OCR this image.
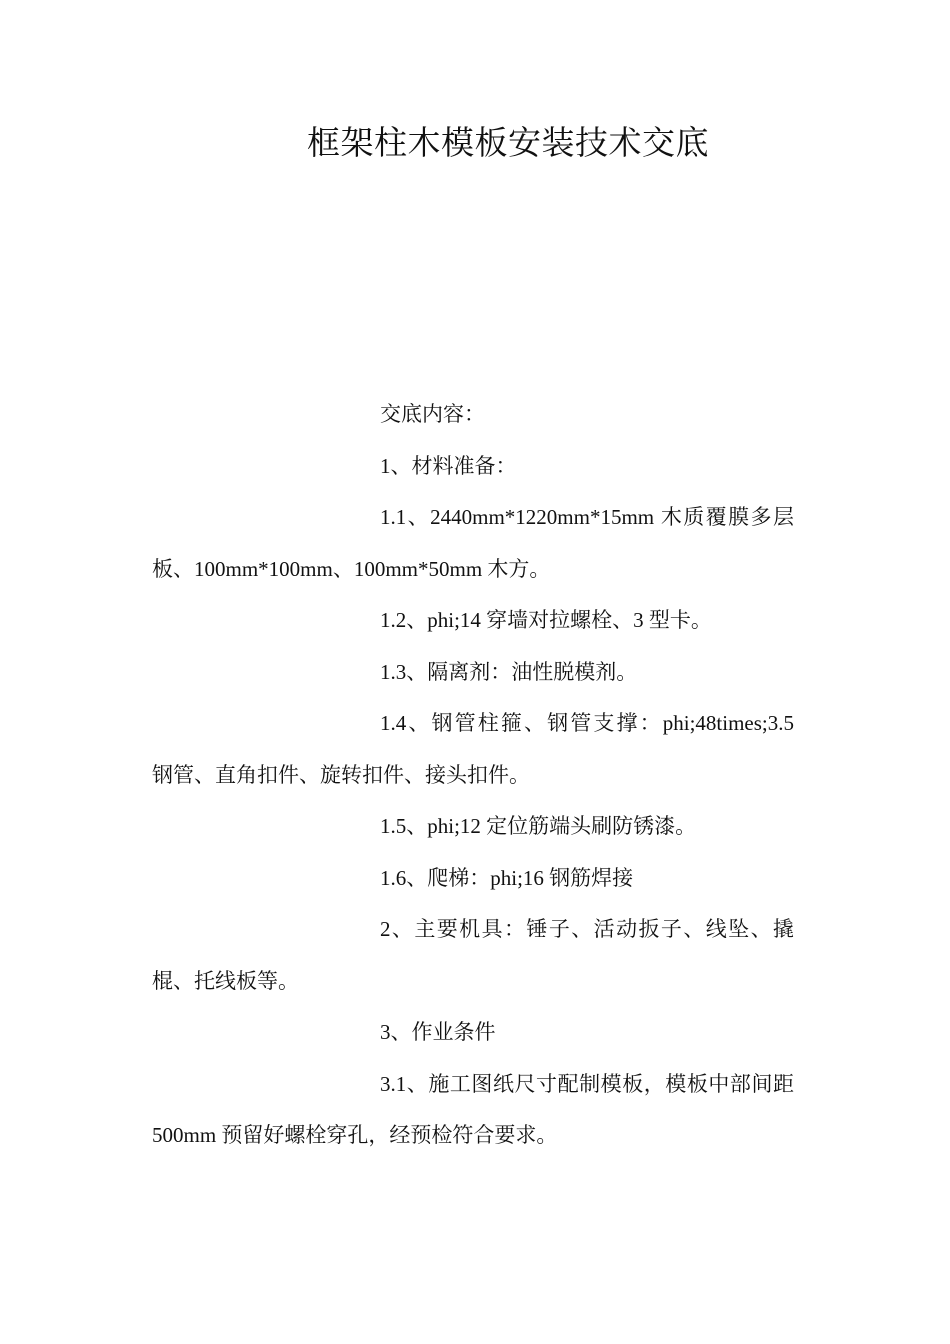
框架柱木模板安装技术交底

交底内容：

1、材料准备：

1.1、2440mm*1220mm*15mm 木质覆膜多层板、100mm*100mm、100mm*50mm 木方。

1.2、phi;14 穿墙对拉螺栓、3 型卡。

1.3、隔离剂：油性脱模剂。

1.4、钢管柱箍、钢管支撑：phi;48times;3.5 钢管、直角扣件、旋转扣件、接头扣件。

1.5、phi;12 定位筋端头刷防锈漆。

1.6、爬梯：phi;16 钢筋焊接

2、主要机具：锤子、活动扳子、线坠、撬棍、托线板等。

3、作业条件

3.1、施工图纸尺寸配制模板，模板中部间距 500mm 预留好螺栓穿孔，经预检符合要求。
